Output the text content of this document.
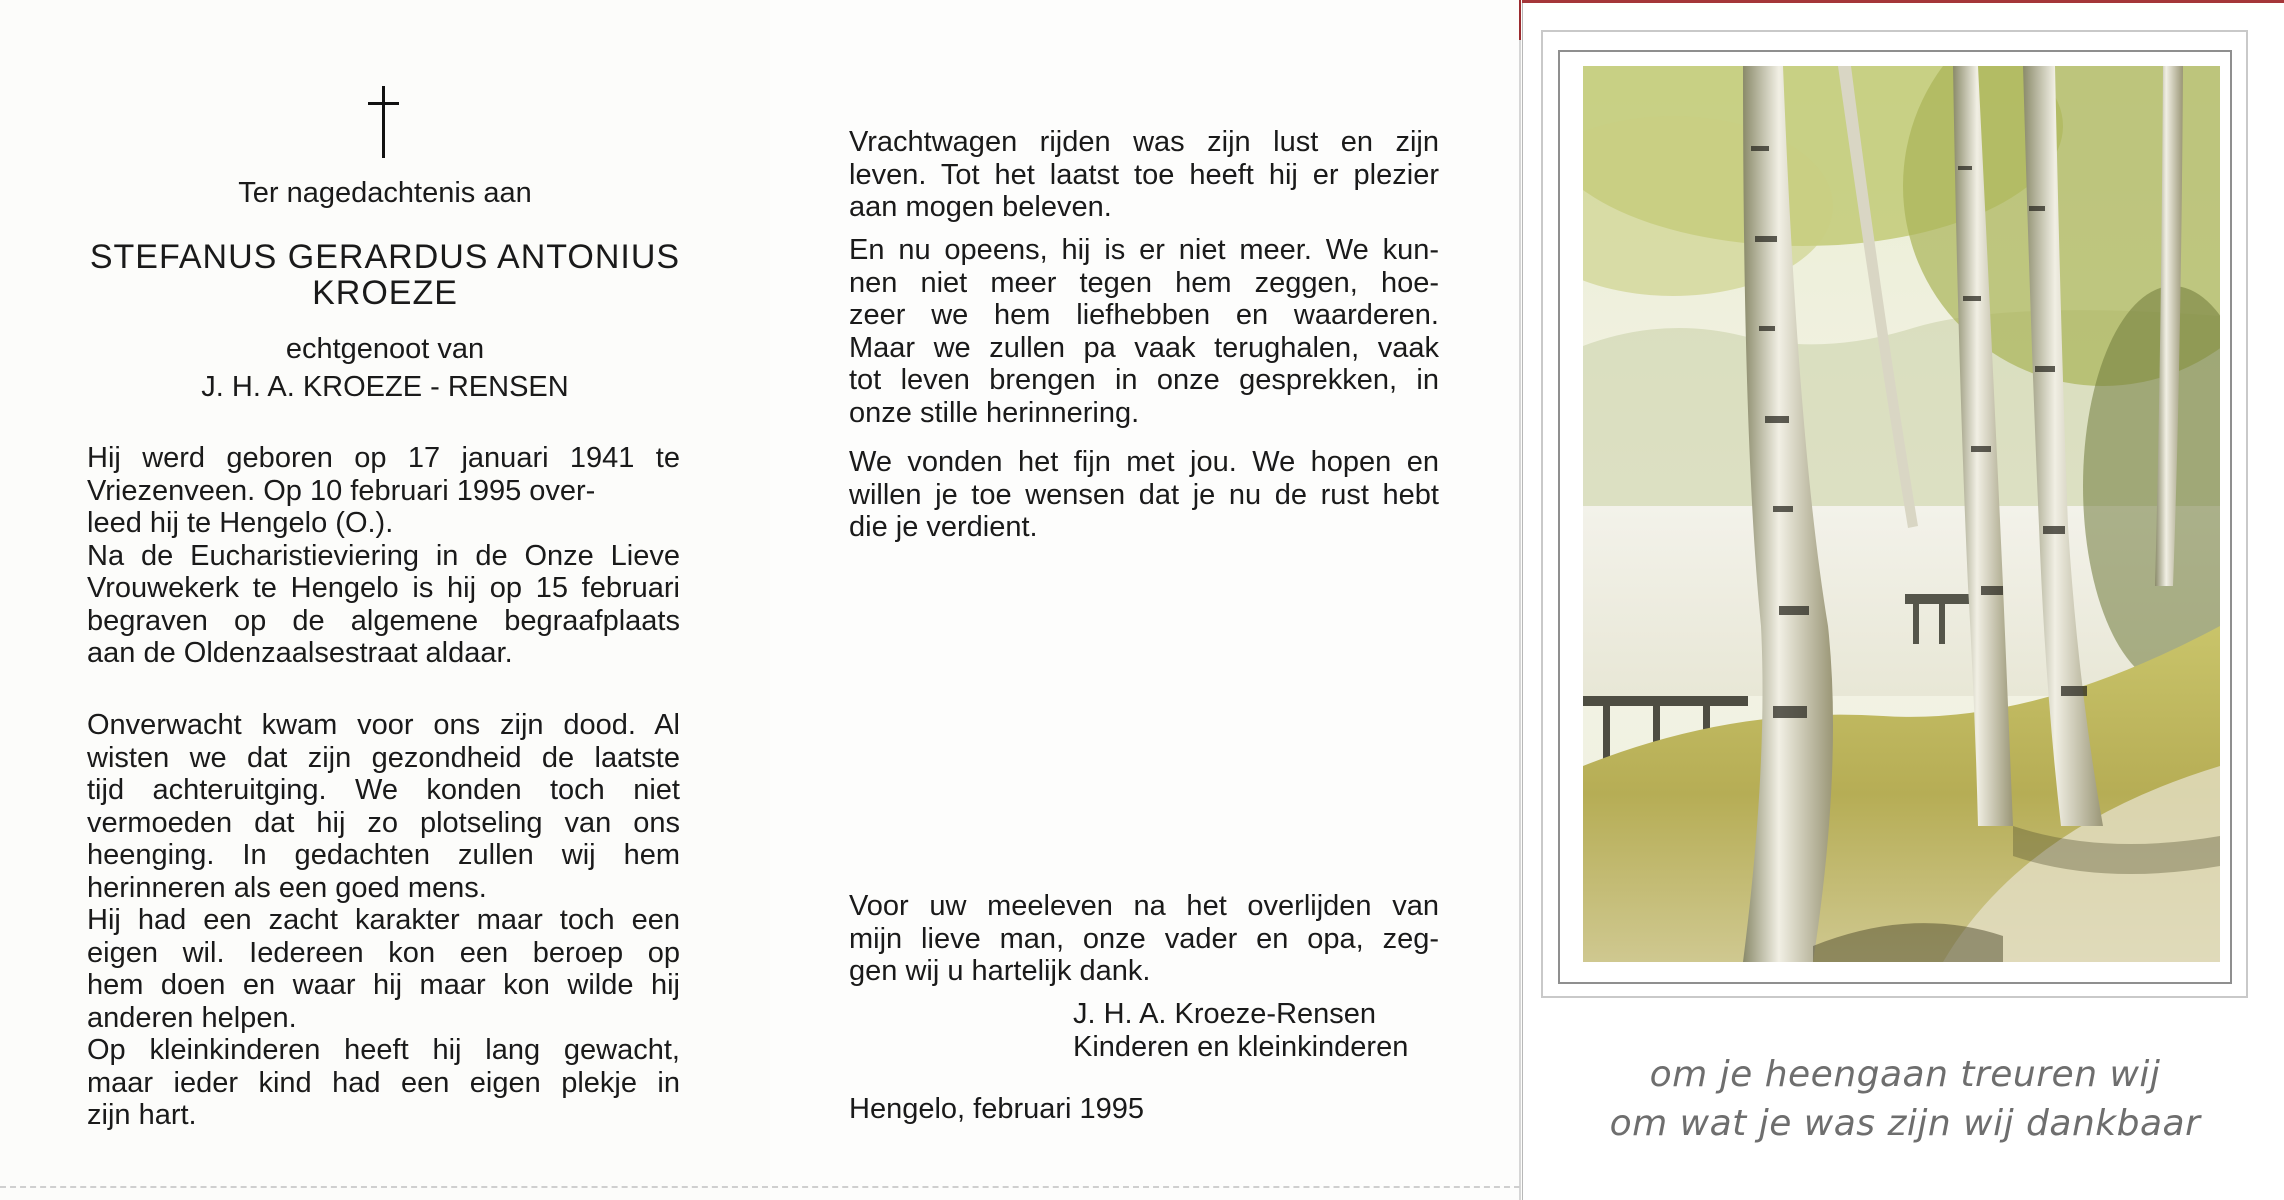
Ter nagedachtenis aan
STEFANUS GERARDUS ANTONIUS
KROEZE
echtgenoot van
J. H. A. KROEZE - RENSEN
Hij werd geboren op 17 januari 1941 te
Vriezenveen. Op 10 februari 1995 over-
leed hij te Hengelo (O.).
Na de Eucharistieviering in de Onze Lieve
Vrouwekerk te Hengelo is hij op 15 februari
begraven op de algemene begraafplaats
aan de Oldenzaalsestraat aldaar.
Onverwacht kwam voor ons zijn dood. Al
wisten we dat zijn gezondheid de laatste
tijd achteruitging. We konden toch niet
vermoeden dat hij zo plotseling van ons
heenging. In gedachten zullen wij hem
herinneren als een goed mens.
Hij had een zacht karakter maar toch een
eigen wil. Iedereen kon een beroep op
hem doen en waar hij maar kon wilde hij
anderen helpen.
Op kleinkinderen heeft hij lang gewacht,
maar ieder kind had een eigen plekje in
zijn hart.
Vrachtwagen rijden was zijn lust en zijn
leven. Tot het laatst toe heeft hij er plezier
aan mogen beleven.
En nu opeens, hij is er niet meer. We kun-
nen niet meer tegen hem zeggen, hoe-
zeer we hem liefhebben en waarderen.
Maar we zullen pa vaak terughalen, vaak
tot leven brengen in onze gesprekken, in
onze stille herinnering.
We vonden het fijn met jou. We hopen en
willen je toe wensen dat je nu de rust hebt
die je verdient.
Voor uw meeleven na het overlijden van
mijn lieve man, onze vader en opa, zeg-
gen wij u hartelijk dank.
J. H. A. Kroeze-Rensen
Kinderen en kleinkinderen
Hengelo, februari 1995
om je heengaan treuren wij
om wat je was zijn wij dankbaar
